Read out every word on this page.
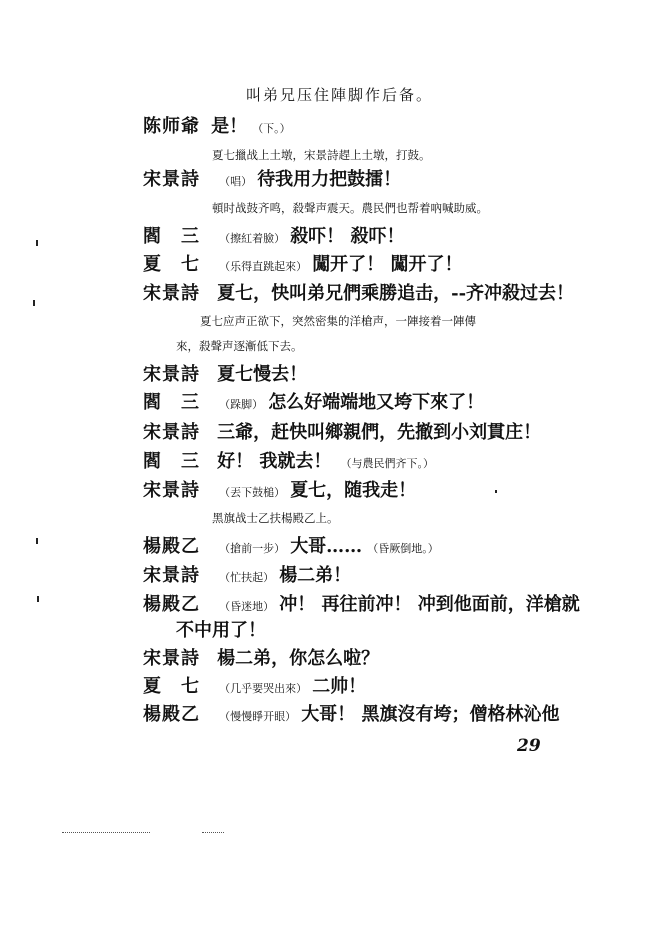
叫弟兄压住陣脚作后备。
陈师爺 是！ （下。）
夏七擸战上土墩，宋景詩趕上土墩，打鼓。
宋景詩 （唱） 待我用力把鼓擂！
頓时战鼓齐鸣，殺聲声震天。農民們也帮着吶喊助威。
閻　三 （擦紅着臉） 殺吓！ 殺吓！
夏　七 （乐得直跳起來） 闖开了！ 闖开了！
宋景詩 夏七，快叫弟兄們乘勝追击，--齐冲殺过去！
夏七应声正欲下，突然密集的洋槍声，一陣接着一陣傳
來，殺聲声逐漸低下去。
宋景詩 夏七慢去！
閻　三 （跺脚） 怎么好端端地又垮下來了！
宋景詩 三爺，赶快叫鄉親們，先撤到小刘貫庄！
閻　三 好！ 我就去！ （与農民們齐下。）
宋景詩 （丟下鼓槌） 夏七，随我走！
黑旗战士乙扶楊殿乙上。
楊殿乙 （搶前一步） 大哥…… （昏厥倒地。）
宋景詩 （忙扶起） 楊二弟！
楊殿乙 （昏迷地） 冲！ 再往前冲！ 冲到他面前，洋槍就
不中用了！
宋景詩 楊二弟，你怎么啦？
夏　七 （几乎要哭出來） 二帅！
楊殿乙 （慢慢睜开眼） 大哥！ 黑旗沒有垮；僧格林沁他
29
